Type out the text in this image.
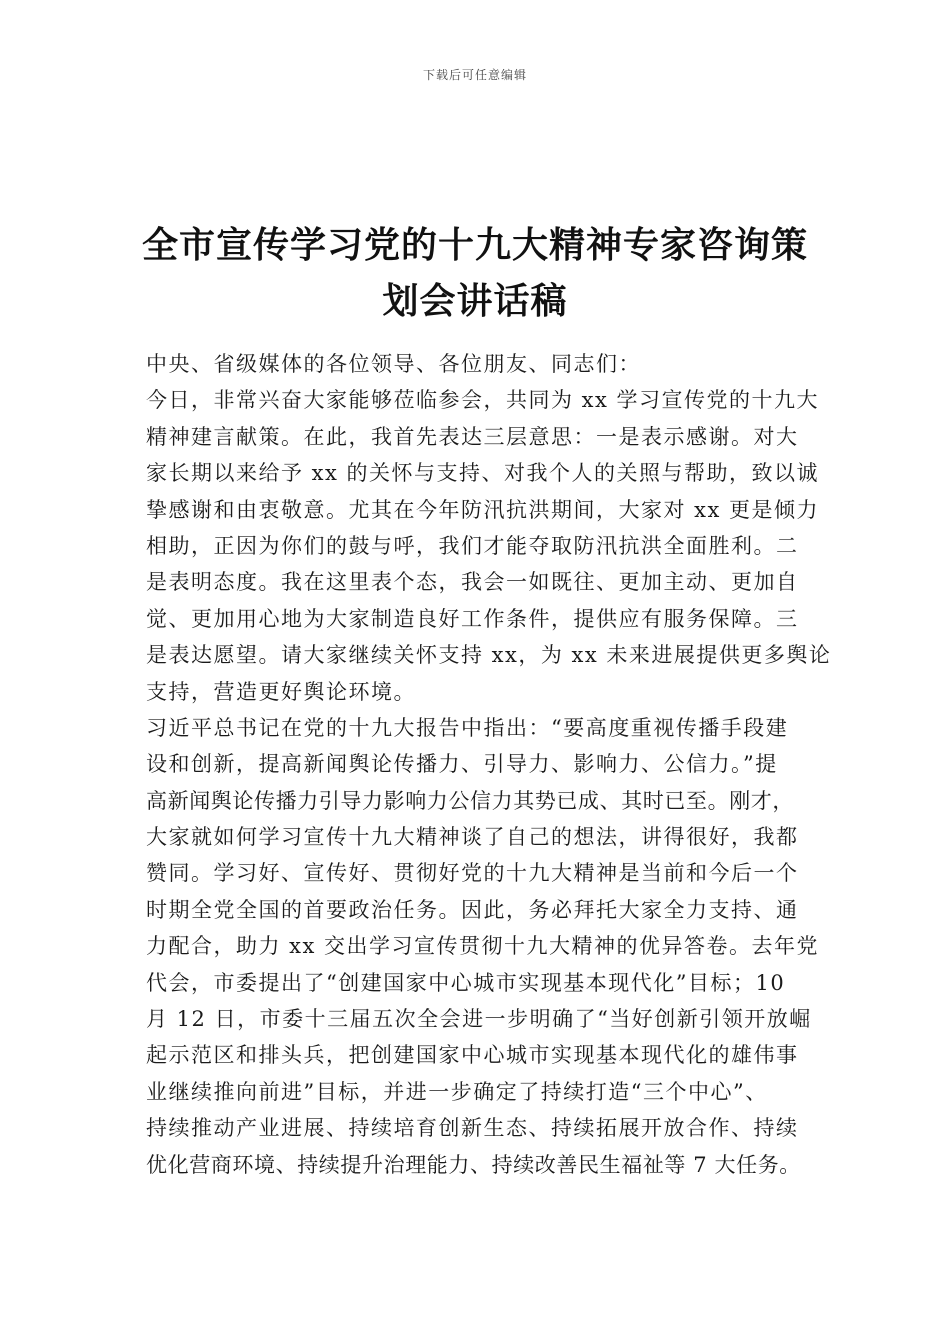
下载后可任意编辑
全市宣传学习党的十九大精神专家咨询策
划会讲话稿
中央、省级媒体的各位领导、各位朋友、同志们：
今日，非常兴奋大家能够莅临参会，共同为 xx 学习宣传党的十九大
精神建言献策。在此，我首先表达三层意思：一是表示感谢。对大
家长期以来给予 xx 的关怀与支持、对我个人的关照与帮助，致以诚
挚感谢和由衷敬意。尤其在今年防汛抗洪期间，大家对 xx 更是倾力
相助，正因为你们的鼓与呼，我们才能夺取防汛抗洪全面胜利。二
是表明态度。我在这里表个态，我会一如既往、更加主动、更加自
觉、更加用心地为大家制造良好工作条件，提供应有服务保障。三
是表达愿望。请大家继续关怀支持 xx，为 xx 未来进展提供更多舆论
支持，营造更好舆论环境。
习近平总书记在党的十九大报告中指出：“要高度重视传播手段建
设和创新，提高新闻舆论传播力、引导力、影响力、公信力。”提
高新闻舆论传播力引导力影响力公信力其势已成、其时已至。刚才，
大家就如何学习宣传十九大精神谈了自己的想法，讲得很好，我都
赞同。学习好、宣传好、贯彻好党的十九大精神是当前和今后一个
时期全党全国的首要政治任务。因此，务必拜托大家全力支持、通
力配合，助力 xx 交出学习宣传贯彻十九大精神的优异答卷。去年党
代会，市委提出了“创建国家中心城市实现基本现代化”目标；10
月 12 日，市委十三届五次全会进一步明确了“当好创新引领开放崛
起示范区和排头兵，把创建国家中心城市实现基本现代化的雄伟事
业继续推向前进”目标，并进一步确定了持续打造“三个中心”、
持续推动产业进展、持续培育创新生态、持续拓展开放合作、持续
优化营商环境、持续提升治理能力、持续改善民生福祉等 7 大任务。
